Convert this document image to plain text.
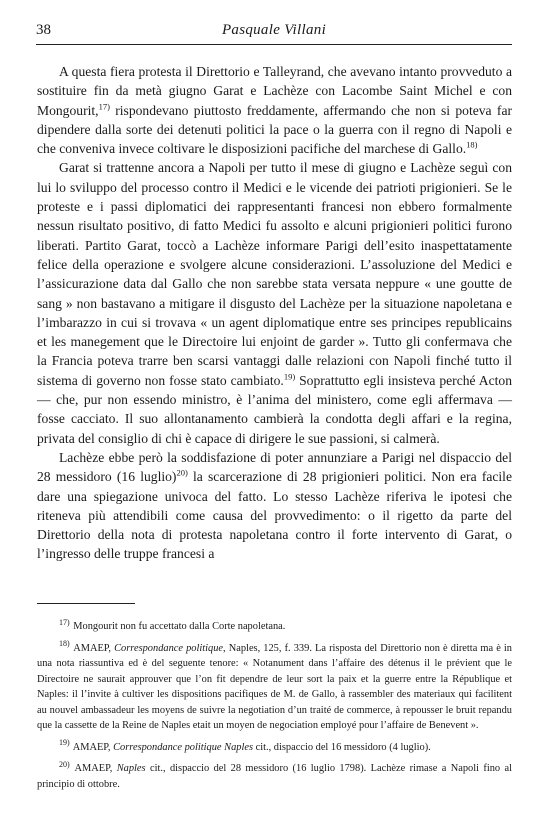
38	Pasquale Villani

A questa fiera protesta il Direttorio e Talleyrand, che avevano intanto provveduto a sostituire fin da metà giugno Garat e Lachèze con Lacombe Saint Michel e con Mongourit,$^{17)}$ rispondevano piuttosto freddamente, affermando che non si poteva far dipendere dalla sorte dei detenuti politici la pace o la guerra con il regno di Napoli e che conveniva invece coltivare le disposizioni pacifiche del marchese di Gallo.$^{18)}$

Garat si trattenne ancora a Napoli per tutto il mese di giugno e Lachèze seguì con lui lo sviluppo del processo contro il Medici e le vicende dei patrioti prigionieri. Se le proteste e i passi diplomatici dei rappresentanti francesi non ebbero formalmente nessun risultato positivo, di fatto Medici fu assolto e alcuni prigionieri politici furono liberati. Partito Garat, toccò a Lachèze informare Parigi dell’esito inaspettatamente felice della operazione e svolgere alcune considerazioni. L’assoluzione del Medici e l’assicurazione data dal Gallo che non sarebbe stata versata neppure « une goutte de sang » non bastavano a mitigare il disgusto del Lachèze per la situazione napoletana e l’imbarazzo in cui si trovava « un agent diplomatique entre ses principes republicains et les manegement que le Directoire lui enjoint de garder ». Tutto gli confermava che la Francia poteva trarre ben scarsi vantaggi dalle relazioni con Napoli finché tutto il sistema di governo non fosse stato cambiato.$^{19)}$ Soprattutto egli insisteva perché Acton — che, pur non essendo ministro, è l’anima del ministero, come egli affermava — fosse cacciato. Il suo allontanamento cambierà la condotta degli affari e la regina, privata del consiglio di chi è capace di dirigere le sue passioni, si calmerà.

Lachèze ebbe però la soddisfazione di poter annunziare a Parigi nel dispaccio del 28 messidoro (16 luglio)$^{20)}$ la scarcerazione di 28 prigionieri politici. Non era facile dare una spiegazione univoca del fatto. Lo stesso Lachèze riferiva le ipotesi che riteneva più attendibili come causa del provvedimento: o il rigetto da parte del Direttorio della nota di protesta napoletana contro il forte intervento di Garat, o l’ingresso delle truppe francesi a

$^{17)}$ Mongourit non fu accettato dalla Corte napoletana.

$^{18)}$ AMAEP, Correspondance politique, Naples, 125, f. 339. La risposta del Direttorio non è diretta ma è in una nota riassuntiva ed è del seguente tenore: « Notanument dans l’affaire des détenus il le prévient que le Directoire ne saurait approuver que l’on fit dependre de leur sort la paix et la guerre entre la République et Naples: il l’invite à cultiver les dispositions pacifiques de M. de Gallo, à rassembler des materiaux qui facilitent au nouvel ambassadeur les moyens de suivre la negotiation d’un traité de commerce, à repousser le bruit repandu que la cassette de la Reine de Naples etait un moyen de negociation employé pour l’affaire de Benevent ».

$^{19)}$ AMAEP, Correspondance politique Naples cit., dispaccio del 16 messidoro (4 luglio).

$^{20)}$ AMAEP, Naples cit., dispaccio del 28 messidoro (16 luglio 1798). Lachèze rimase a Napoli fino al principio di ottobre.
